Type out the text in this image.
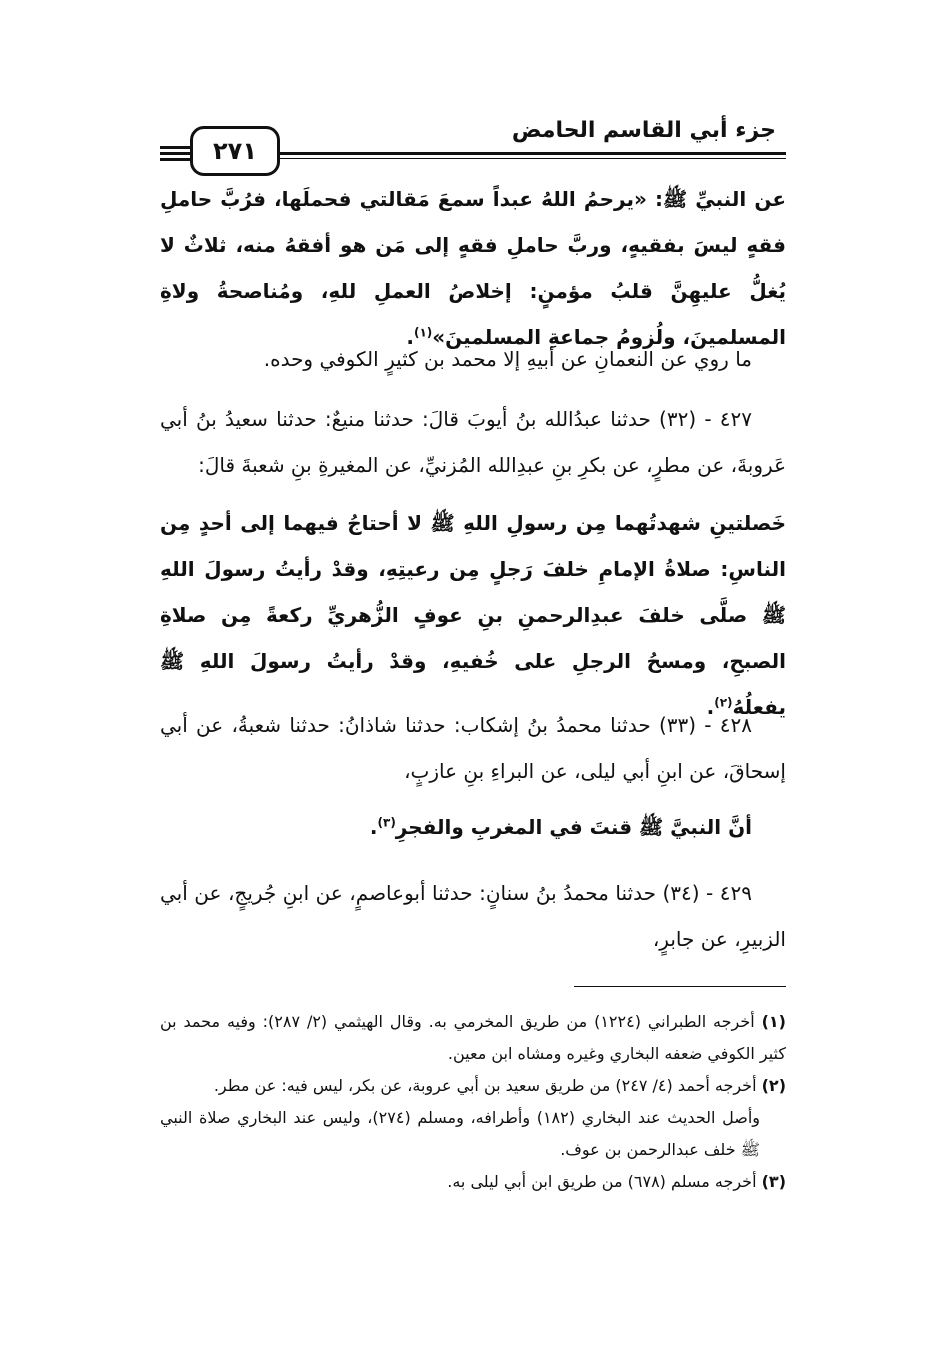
جزء أبي القاسم الحامض
٢٧١

عن النبيِّ ﷺ: «يرحمُ اللهُ عبداً سمعَ مَقالتي فحملَها، فرُبَّ حاملِ فقهٍ ليسَ بفقيهٍ، وربَّ حاملِ فقهٍ إلى مَن هو أفقهُ منه، ثلاثٌ لا يُغلُّ عليهِنَّ قلبُ مؤمنٍ: إخلاصُ العملِ للهِ، ومُناصحةُ ولاةِ المسلمينَ، ولُزومُ جماعةِ المسلمينَ»$^{(١)}$.

ما روي عن النعمانِ عن أبيهِ إلا محمد بن كثيرٍ الكوفي وحده.

٤٢٧ - (٣٢) حدثنا عبدُالله بنُ أيوبَ قالَ: حدثنا منيعٌ: حدثنا سعيدُ بنُ أبي عَروبةَ، عن مطرٍ، عن بكرِ بنِ عبدِالله المُزنيِّ، عن المغيرةِ بنِ شعبةَ قالَ:

خَصلتينِ شهدتُهما مِن رسولِ اللهِ ﷺ لا أحتاجُ فيهما إلى أحدٍ مِن الناسِ: صلاةُ الإمامِ خلفَ رَجلٍ مِن رعيتِهِ، وقدْ رأيتُ رسولَ اللهِ ﷺ صلَّى خلفَ عبدِالرحمنِ بنِ عوفٍ الزُّهريِّ ركعةً مِن صلاةِ الصبحِ، ومسحُ الرجلِ على خُفيهِ، وقدْ رأيتُ رسولَ اللهِ ﷺ يفعلُهُ$^{(٢)}$.

٤٢٨ - (٣٣) حدثنا محمدُ بنُ إشكاب: حدثنا شاذانُ: حدثنا شعبةُ، عن أبي إسحاقَ، عن ابنِ أبي ليلى، عن البراءِ بنِ عازبٍ،

أنَّ النبيَّ ﷺ قنتَ في المغربِ والفجرِ$^{(٣)}$.

٤٢٩ - (٣٤) حدثنا محمدُ بنُ سنانٍ: حدثنا أبوعاصمٍ، عن ابنِ جُريجٍ، عن أبي الزبيرِ، عن جابرٍ،

(١) أخرجه الطبراني (١٢٢٤) من طريق المخرمي به. وقال الهيثمي (٢/ ٢٨٧): وفيه محمد بن كثير الكوفي ضعفه البخاري وغيره ومشاه ابن معين.

(٢) أخرجه أحمد (٤/ ٢٤٧) من طريق سعيد بن أبي عروبة، عن بكر، ليس فيه: عن مطر.

وأصل الحديث عند البخاري (١٨٢) وأطرافه، ومسلم (٢٧٤)، وليس عند البخاري صلاة النبي ﷺ خلف عبدالرحمن بن عوف.

(٣) أخرجه مسلم (٦٧٨) من طريق ابن أبي ليلى به.
